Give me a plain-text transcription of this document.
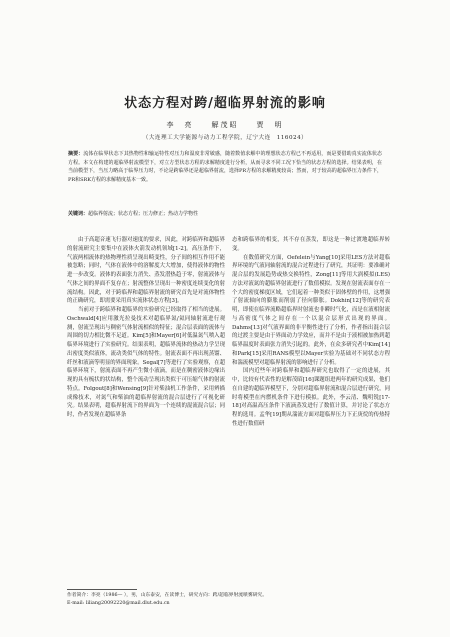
状态方程对跨/超临界射流的影响
李　亮　　解茂昭　　贾　明
（大连理工大学能源与动力工程学院，辽宁大连　116024）
摘要：流体在临界状态下其热物性和输运特性对压力和温度非常敏感，随着数值求解中的理想状态方程已不再适用，而是要借助真实流体状态方程。本文在构建的超临界射流模型下，对立方型状态方程的求解精度进行分析，从而寻求不同工况下恰当的状态方程的选择。结果表明，在当前模型下，当压力略高于临界压力时，不论是跨临界还是超临界射流，选择PR方程的求解精度较高；然而，对于较高的超临界压力条件下，PR和SRK方程的求解精度基本一致。
关键词：超临界射流；状态方程；压力修正；热动力学物性

由于高超音速飞行器对速度的要求，因此，对跨临界和超临界的射流研究主要集中在液体火箭发动机领域[1-2]。高压条件下，气液两相流体的热物理性质呈现出畸变性，分子间的相互作用不能被忽略；同时，气体在液体中的溶解度大大增加，使得液体的物性进一步改变。液体的表面张力消失、蒸发潜热趋于零，射流液体与气体之间的界面不复存在；射流整体呈现出一种密度连续变化的射流结构。因此，对于跨临界和超临界射流的研究首先是对流体物性的正确研究，即需要采用真实流体状态方程[3]。

当前对于跨临界和超临界的实验研究已经取得了相当的进展。Oschwald[4]应用激光拉曼技术对超临界氮/氦同轴射流进行观测，射流呈现出与稠密气体射流相似的特征；混合层表面的流体与周围的切力相比微不足道。Kim[5]和Mayer[6]对低温氮气喷入超临界环境进行了实验研究。结果表明，超临界流体的热动力学呈现出密度类似液体，流动类似气体的特性。射流表面不再出现蒸馏、纤丝和液滴等明显的界面现象。Segal[7]等进行了实验观察，在超临界环境下，射流表面不再产生微小液滴，而是在稠密液体边缘出现的具有梳状的状结构，整个流动呈现出类似于可压缩气体的射流特点。Folgout[8]和Wensing[9]针对柴油机工作条件，采用辨描成像技术，对氮气和柴油的超临界射流的混合层进行了可视化研究。结果表明，超临界射流下的界面为一个连续的混流混合层；同时，作者发现在超临界条

态和跨临界的相变，其不存在蒸发，即这是一种过渡地超临界转变。

在数值研究方面，Oefelein与Yang[10]采用LES方法对超临界环境的气液同轴射流的混合过程进行了研究，其证明：要准确对混合层的发展趋势或热交换特性，Zong[11]等用大涡模拟(LES)方法对液氮的超临界射流进行了数值模拟。发现在射流表面存在一个大的密度梯度区域，它们起着一种类似于固体壁的作用，这增强了射流轴向的膨胀而削弱了径向膨胀。Dokhin[12]等的研究表明，即使在临界流略超临界时射流也非瞬时气化，而是在液相射流与高密度气体之间存在一个以混合层形式出现的界面。Dahms[13]对气液界面的非平衡性进行了分析，作者指出混合层的过渡主要是由于界面动力学效应，而并不是由于液相被加热到超临界温度时表面张力消失引起的。此外，在众多研究者中Kim[14]和Park[15]采用RANS模型以Mayer实验为基础对不同状态方程和湍流模型对超临界射流的影响进行了分析。

国内近些年对跨临界和超临界研究也取得了一定的进展，其中，比较有代表性的是解茂昭[16]课题组进两年的研究成果，他们在自建的超临界模型下，分别对超临界射流和混合层进行研究，同时将模型在内燃机条件下进行模拟。此外，李云清、魏明锐[17-18]对高温高压条件下液滴蒸发进行了数值计算，并讨论了状态方程的选用。孟华[19]期从湍流方面对超临界压力下正庚烷的传热特性进行数值研

作者简介：李亮（1986— ），男，山东泰安，在读博士，研究方向：跨/超临界射流喷雾研究。
E-mail: liliang20092220@mail.dlut.edu.cn
